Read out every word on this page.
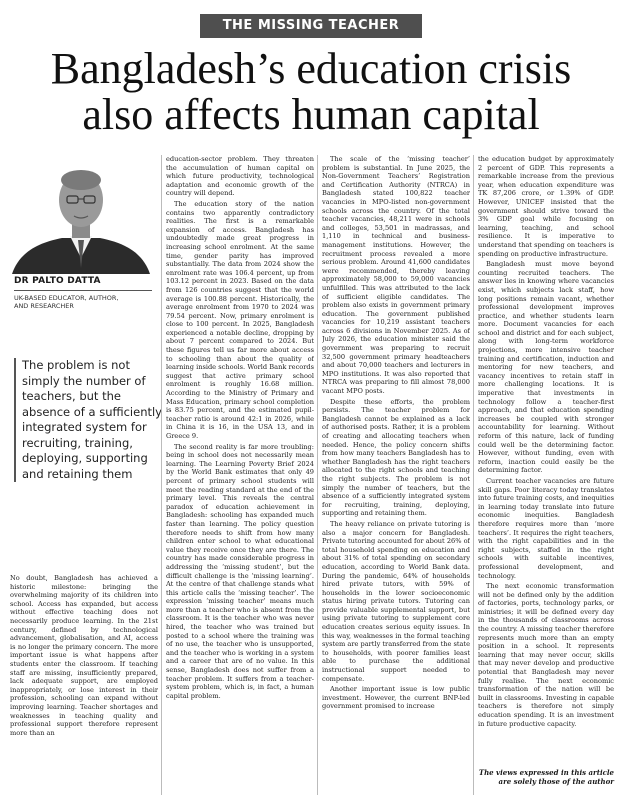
THE MISSING TEACHER
Bangladesh’s education crisis
also affects human capital
DR PALTO DATTA
UK-BASED EDUCATOR, AUTHOR,
AND RESEARCHER
The problem is not simply the number of teachers, but the absence of a sufficiently integrated system for recruiting, training, deploying, supporting and retaining them

No doubt, Bangladesh has achieved a historic milestone: bringing the overwhelming majority of its children into school. Access has expanded, but access without effective teaching does not necessarily produce learning. In the 21st century, defined by technological advancement, globalisation, and AI, access is no longer the primary concern. The more important issue is what happens after students enter the classroom. If teaching staff are missing, insufficiently prepared, lack adequate support, are employed inappropriately, or lose interest in their profession, schooling can expand without improving learning. Teacher shortages and weaknesses in teaching quality and professional support therefore represent more than an

education-sector problem. They threaten the accumulation of human capital on which future productivity, technological adaptation and economic growth of the country will depend.

The education story of the nation contains two apparently contradictory realities. The first is a remarkable expansion of access. Bangladesh has undoubtedly made great progress in increasing school enrolment. At the same time, gender parity has improved substantially. The data from 2024 show the enrolment rate was 106.4 percent, up from 103.12 percent in 2023. Based on the data from 126 countries suggest that the world average is 100.88 percent. Historically, the average enrolment from 1970 to 2024 was 79.54 percent. Now, primary enrolment is close to 100 percent. In 2025, Bangladesh experienced a notable decline, dropping by about 7 percent compared to 2024. But these figures tell us far more about access to schooling than about the quality of learning inside schools. World Bank records suggest that active primary school enrolment is roughly 16.68 million. According to the Ministry of Primary and Mass Education, primary school completion is 83.75 percent, and the estimated pupil-teacher ratio is around 42:1 in 2026, while in China it is 16, in the USA 13, and in Greece 9.

The second reality is far more troubling: being in school does not necessarily mean learning. The Learning Poverty Brief 2024 by the World Bank estimates that only 49 percent of primary school students will meet the reading standard at the end of the primary level. This reveals the central paradox of education achievement in Bangladesh: schooling has expanded much faster than learning. The policy question therefore needs to shift from how many children enter school to what educational value they receive once they are there. The country has made considerable progress in addressing the ‘missing student’, but the difficult challenge is the ‘missing learning’. At the centre of that challenge stands what this article calls the ‘missing teacher’. The expression ‘missing teacher’ means much more than a teacher who is absent from the classroom. It is the teacher who was never hired, the teacher who was trained but posted to a school where the training was of no use, the teacher who is unsupported, and the teacher who is working in a system and a career that are of no value. In this sense, Bangladesh does not suffer from a teacher problem. It suffers from a teacher-system problem, which is, in fact, a human capital problem.

The scale of the ‘missing teacher’ problem is substantial. In June 2025, the Non-Government Teachers’ Registration and Certification Authority (NTRCA) in Bangladesh stated 100,822 teacher vacancies in MPO-listed non-government schools across the country. Of the total teacher vacancies, 48,211 were in schools and colleges, 53,501 in madrassas, and 1,110 in technical and business-management institutions. However, the recruitment process revealed a more serious problem. Around 41,600 candidates were recommended, thereby leaving approximately 58,000 to 59,000 vacancies unfulfilled. This was attributed to the lack of sufficient eligible candidates. The problem also exists in government primary education. The government published vacancies for 10,219 assistant teachers across 6 divisions in November 2025. As of July 2026, the education minister said the government was preparing to recruit 32,500 government primary headteachers and about 70,000 teachers and lecturers in MPO institutions. It was also reported that NTRCA was preparing to fill almost 78,000 vacant MPO posts.

Despite these efforts, the problem persists. The teacher problem for Bangladesh cannot be explained as a lack of authorised posts. Rather, it is a problem of creating and allocating teachers when needed. Hence, the policy concern shifts from how many teachers Bangladesh has to whether Bangladesh has the right teachers allocated to the right schools and teaching the right subjects. The problem is not simply the number of teachers, but the absence of a sufficiently integrated system for recruiting, training, deploying, supporting and retaining them.

The heavy reliance on private tutoring is also a major concern for Bangladesh. Private tutoring accounted for about 26% of total household spending on education and about 31% of total spending on secondary education, according to World Bank data. During the pandemic, 64% of households hired private tutors, with 59% of households in the lower socioeconomic status hiring private tutors. Tutoring can provide valuable supplemental support, but using private tutoring to supplement core education creates serious equity issues. In this way, weaknesses in the formal teaching system are partly transferred from the state to households, with poorer families least able to purchase the additional instructional support needed to compensate.

Another important issue is low public investment. However, the current BNP-led government promised to increase

the education budget by approximately 2 percent of GDP. This represents a remarkable increase from the previous year, when education expenditure was TK 87,206 crore, or 1.39% of GDP. However, UNICEF insisted that the government should strive toward the 3% GDP goal while focusing on learning, teaching, and school resilience. It is imperative to understand that spending on teachers is spending on productive infrastructure.

Bangladesh must move beyond counting recruited teachers. The answer lies in knowing where vacancies exist, which subjects lack staff, how long positions remain vacant, whether professional development improves practice, and whether students learn more. Document vacancies for each school and district and for each subject, along with long-term workforce projections, more intensive teacher training and certification, induction and mentoring for new teachers, and vacancy incentives to retain staff in more challenging locations. It is imperative that investments in technology follow a teacher-first approach, and that education spending increases be coupled with stronger accountability for learning. Without reform of this nature, lack of funding could well be the determining factor. However, without funding, even with reform, inaction could easily be the determining factor.

Current teacher vacancies are future skill gaps. Poor literacy today translates into future training costs, and inequities in learning today translate into future economic inequities. Bangladesh therefore requires more than ‘more teachers’. It requires the right teachers, with the right capabilities and in the right subjects, staffed in the right schools with suitable incentives, professional development, and technology.

The next economic transformation will not be defined only by the addition of factories, ports, technology parks, or ministries; it will be defined every day in the thousands of classrooms across the country. A missing teacher therefore represents much more than an empty position in a school. It represents learning that may never occur, skills that may never develop and productive potential that Bangladesh may never fully realise. The next economic transformation of the nation will be built in classrooms. Investing in capable teachers is therefore not simply education spending. It is an investment in future productive capacity.

The views expressed in this article
are solely those of the author
